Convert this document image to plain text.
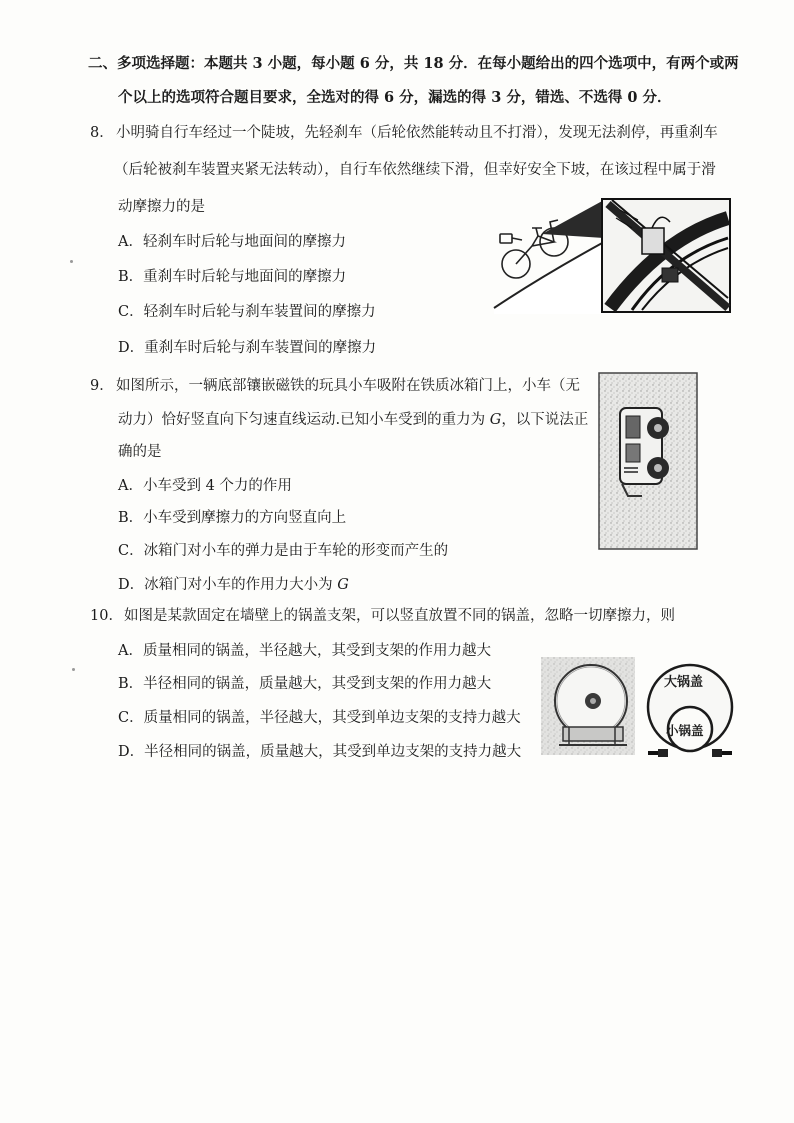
二、多项选择题：本题共 3 小题，每小题 6 分，共 18 分．在每小题给出的四个选项中，有两个或两
个以上的选项符合题目要求，全选对的得 6 分，漏选的得 3 分，错选、不选得 0 分．
8． 小明骑自行车经过一个陡坡，先轻刹车（后轮依然能转动且不打滑），发现无法刹停，再重刹车
（后轮被刹车装置夹紧无法转动），自行车依然继续下滑，但幸好安全下坡，在该过程中属于滑
动摩擦力的是
A．轻刹车时后轮与地面间的摩擦力
B．重刹车时后轮与地面间的摩擦力
C．轻刹车时后轮与刹车装置间的摩擦力
D．重刹车时后轮与刹车装置间的摩擦力
9． 如图所示，一辆底部镶嵌磁铁的玩具小车吸附在铁质冰箱门上，小车（无
动力）恰好竖直向下匀速直线运动.已知小车受到的重力为 G，以下说法正
确的是
A．小车受到 4 个力的作用
B．小车受到摩擦力的方向竖直向上
C．冰箱门对小车的弹力是由于车轮的形变而产生的
D．冰箱门对小车的作用力大小为 G
10． 如图是某款固定在墙壁上的锅盖支架，可以竖直放置不同的锅盖，忽略一切摩擦力，则
A．质量相同的锅盖，半径越大，其受到支架的作用力越大
B．半径相同的锅盖，质量越大，其受到支架的作用力越大
C．质量相同的锅盖，半径越大，其受到单边支架的支持力越大
D．半径相同的锅盖，质量越大，其受到单边支架的支持力越大
大锅盖
小锅盖
